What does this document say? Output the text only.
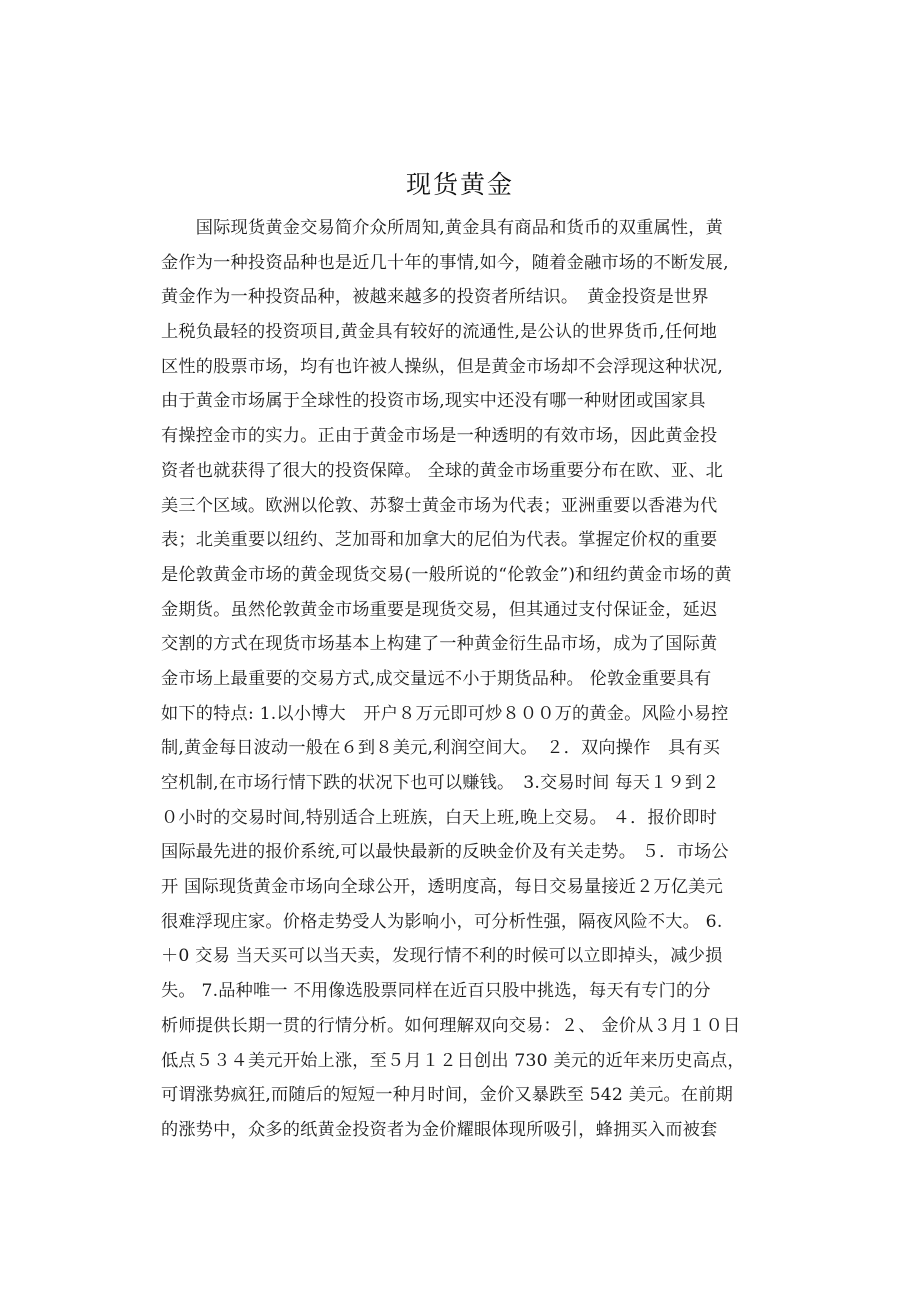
现货黄金
　　国际现货黄金交易简介众所周知,黄金具有商品和货币的双重属性，黄
金作为一种投资品种也是近几十年的事情,如今，随着金融市场的不断发展,
黄金作为一种投资品种，被越来越多的投资者所结识。　黄金投资是世界
上税负最轻的投资项目,黄金具有较好的流通性,是公认的世界货币,任何地
区性的股票市场，均有也许被人操纵，但是黄金市场却不会浮现这种状况,
由于黄金市场属于全球性的投资市场,现实中还没有哪一种财团或国家具
有操控金市的实力。正由于黄金市场是一种透明的有效市场，因此黄金投
资者也就获得了很大的投资保障。 全球的黄金市场重要分布在欧、亚、北
美三个区域。欧洲以伦敦、苏黎士黄金市场为代表；亚洲重要以香港为代
表；北美重要以纽约、芝加哥和加拿大的尼伯为代表。掌握定价权的重要
是伦敦黄金市场的黄金现货交易(一般所说的“伦敦金”)和纽约黄金市场的黄
金期货。虽然伦敦黄金市场重要是现货交易，但其通过支付保证金，延迟
交割的方式在现货市场基本上构建了一种黄金衍生品市场，成为了国际黄
金市场上最重要的交易方式,成交量远不小于期货品种。 伦敦金重要具有
如下的特点: 1.以小博大　开户８万元即可炒８００万的黄金。风险小易控
制,黄金每日波动一般在６到８美元,利润空间大。　２．双向操作　具有买
空机制,在市场行情下跌的状况下也可以赚钱。　3.交易时间 每天１９到２
０小时的交易时间,特别适合上班族，白天上班,晚上交易。 ４．报价即时
国际最先进的报价系统,可以最快最新的反映金价及有关走势。 ５．市场公
开 国际现货黄金市场向全球公开，透明度高，每日交易量接近２万亿美元
很难浮现庄家。价格走势受人为影响小，可分析性强，隔夜风险不大。 6.
＋0 交易 当天买可以当天卖，发现行情不利的时候可以立即掉头，减少损
失。 7.品种唯一 不用像选股票同样在近百只股中挑选，每天有专门的分
析师提供长期一贯的行情分析。如何理解双向交易：２、 金价从３月１０日
低点５３４美元开始上涨，至５月１２日创出 730 美元的近年来历史高点，
可谓涨势疯狂,而随后的短短一种月时间，金价又暴跌至 542 美元。在前期
的涨势中，众多的纸黄金投资者为金价耀眼体现所吸引，蜂拥买入而被套
